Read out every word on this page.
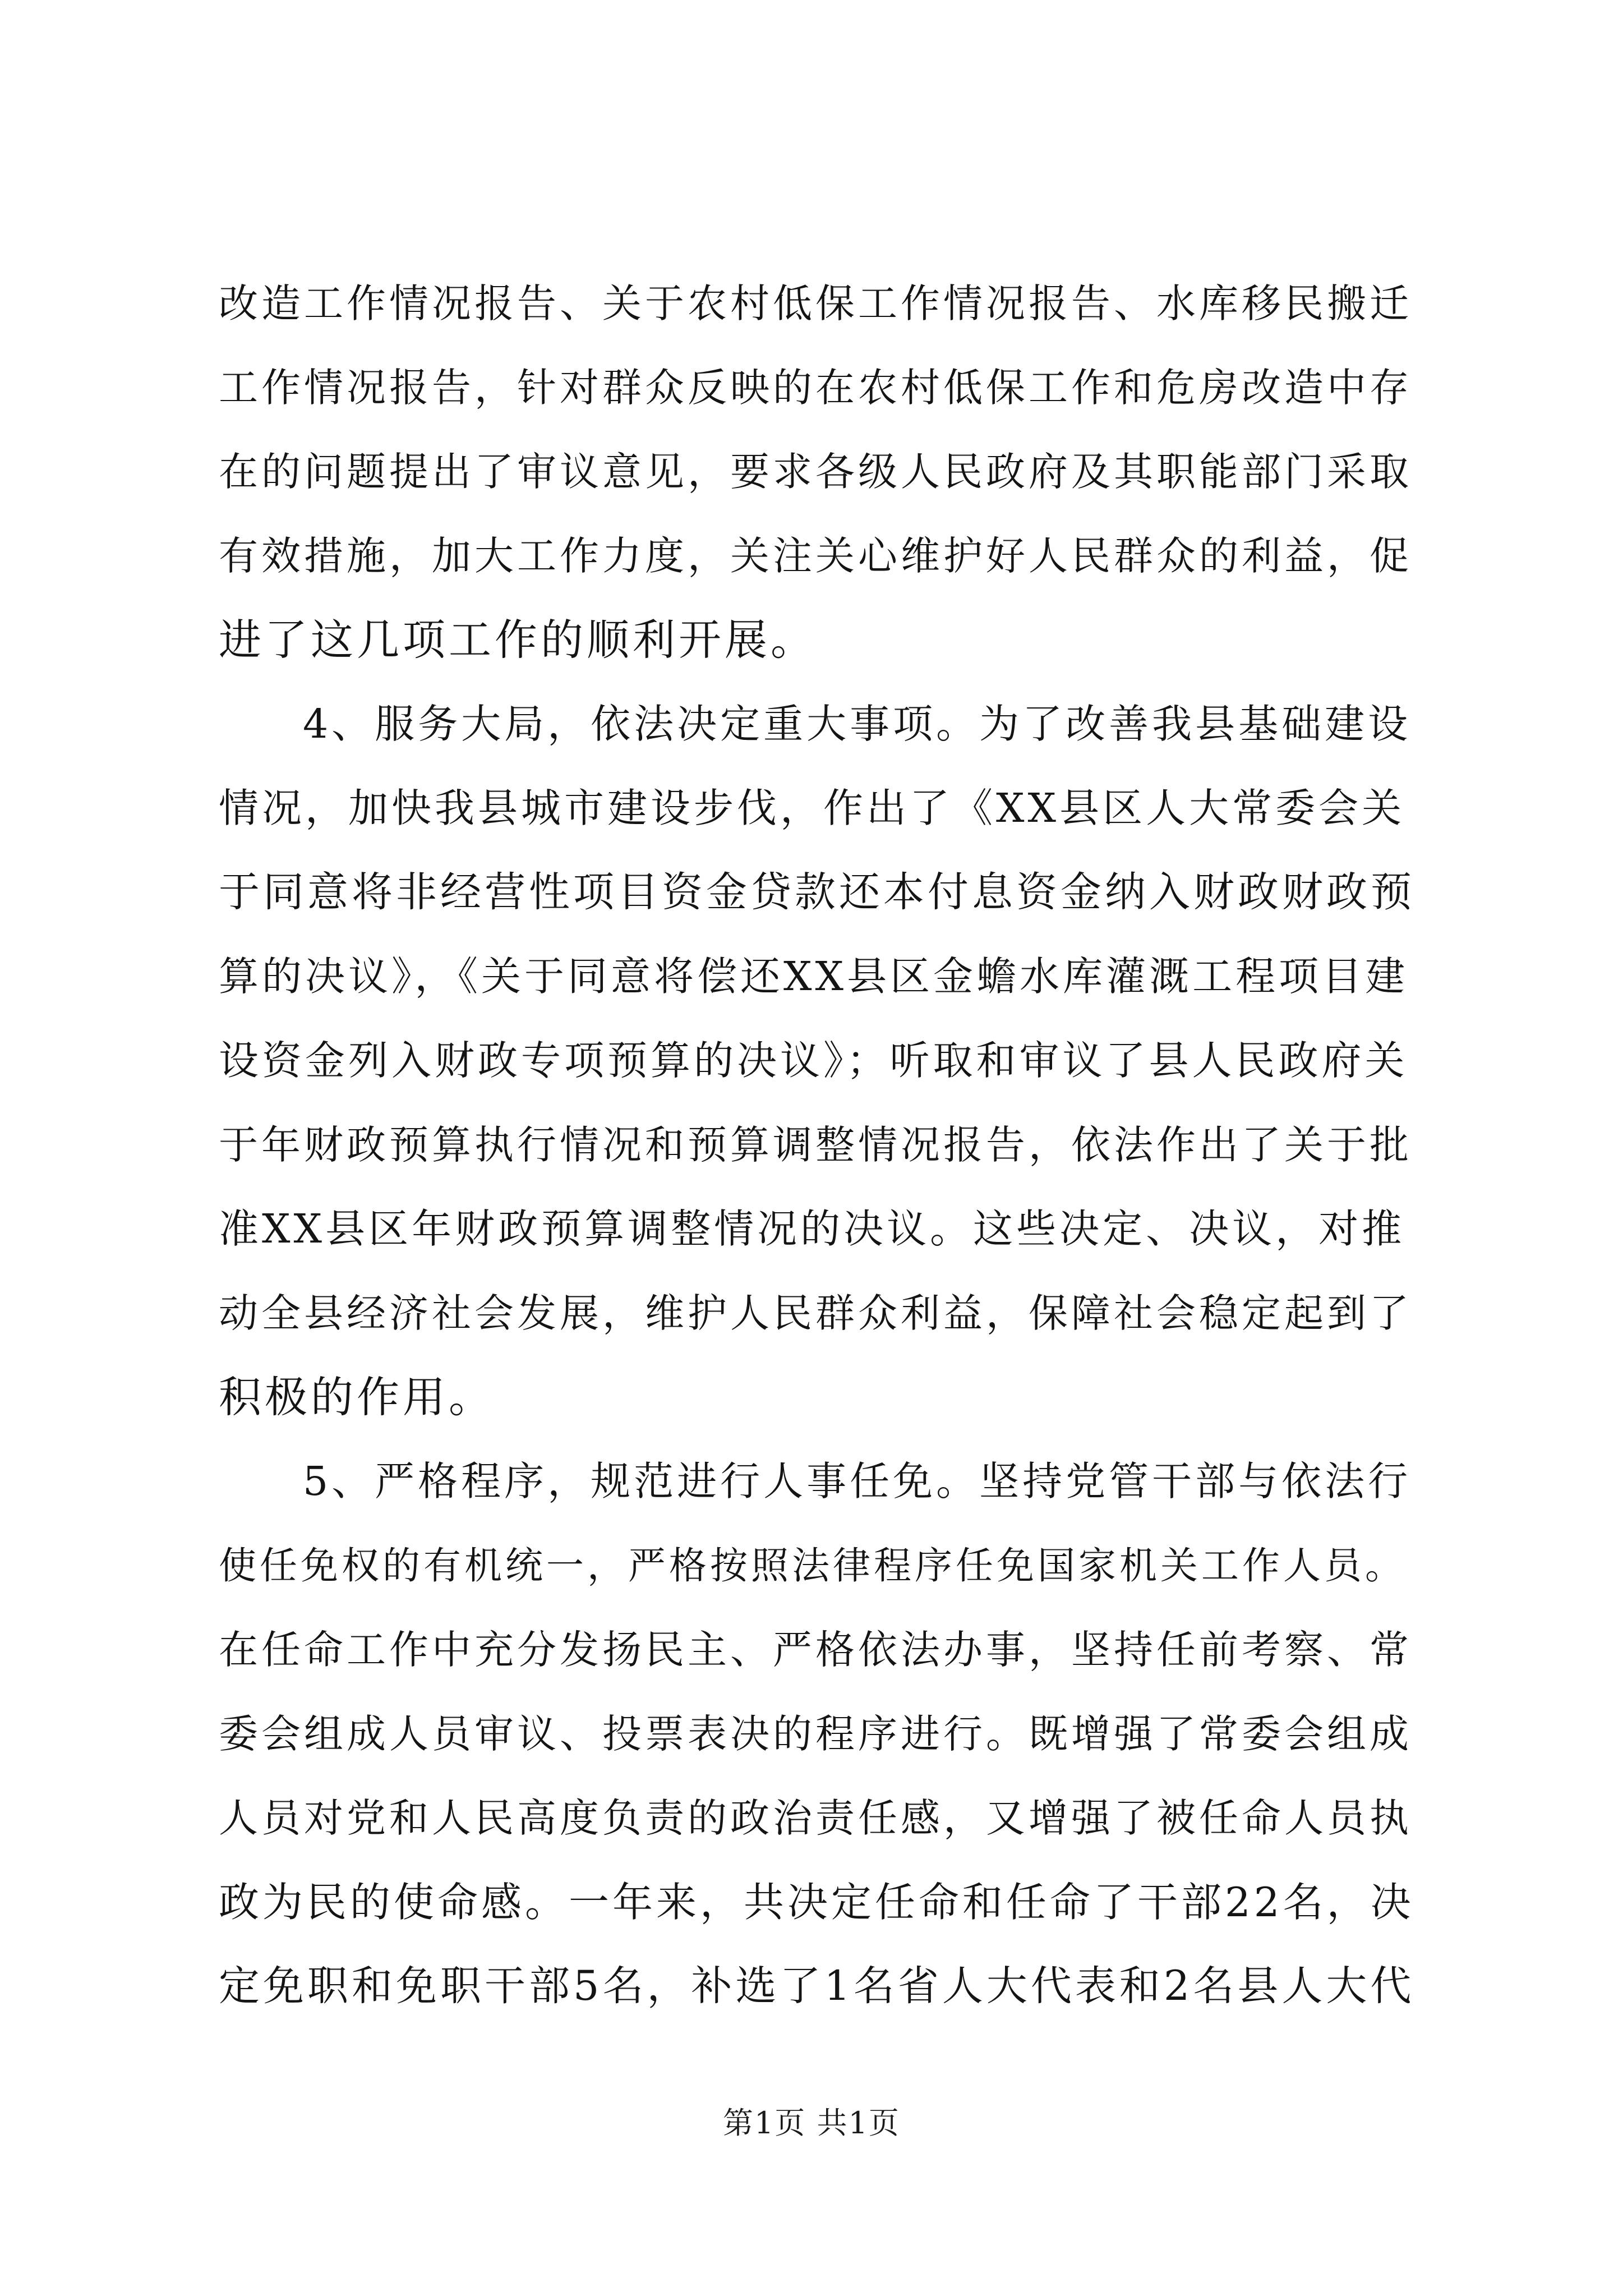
改造工作情况报告、关于农村低保工作情况报告、水库移民搬迁
工作情况报告，针对群众反映的在农村低保工作和危房改造中存
在的问题提出了审议意见，要求各级人民政府及其职能部门采取
有效措施，加大工作力度，关注关心维护好人民群众的利益，促
进了这几项工作的顺利开展。
4、服务大局，依法决定重大事项。为了改善我县基础建设
情况，加快我县城市建设步伐，作出了《XX县区人大常委会关
于同意将非经营性项目资金贷款还本付息资金纳入财政财政预
算的决议》，《关于同意将偿还XX县区金蟾水库灌溉工程项目建
设资金列入财政专项预算的决议》；听取和审议了县人民政府关
于年财政预算执行情况和预算调整情况报告，依法作出了关于批
准XX县区年财政预算调整情况的决议。这些决定、决议，对推
动全县经济社会发展，维护人民群众利益，保障社会稳定起到了
积极的作用。
5、严格程序，规范进行人事任免。坚持党管干部与依法行
使任免权的有机统一，严格按照法律程序任免国家机关工作人员。
在任命工作中充分发扬民主、严格依法办事，坚持任前考察、常
委会组成人员审议、投票表决的程序进行。既增强了常委会组成
人员对党和人民高度负责的政治责任感，又增强了被任命人员执
政为民的使命感。一年来，共决定任命和任命了干部22名，决
定免职和免职干部5名，补选了1名省人大代表和2名县人大代
第1页 共1页
